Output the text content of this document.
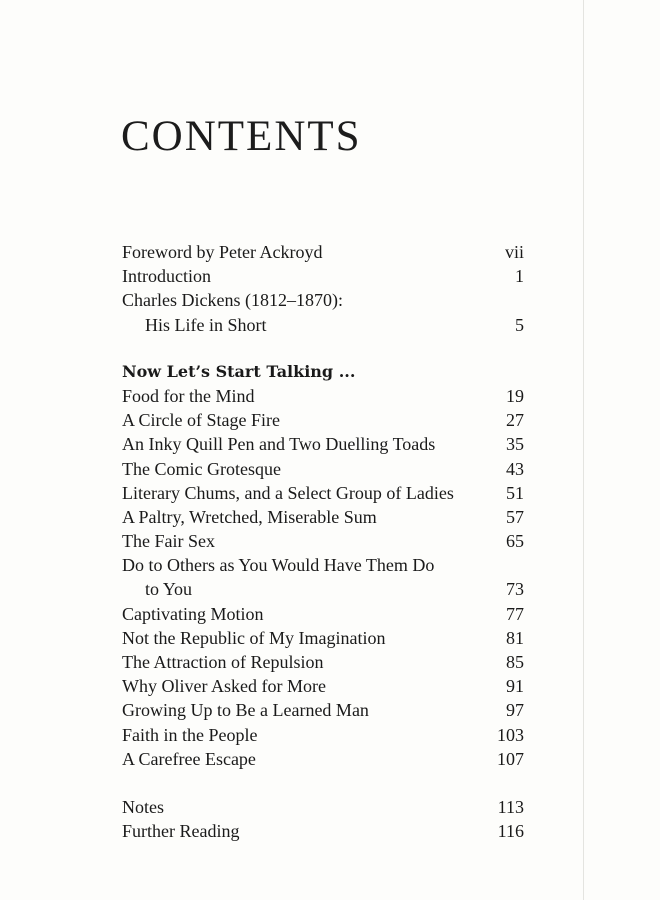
CONTENTS
Foreword by Peter Ackroyd	vii
Introduction	1
Charles Dickens (1812–1870):
His Life in Short	5
Now Let’s Start Talking ...
Food for the Mind	19
A Circle of Stage Fire	27
An Inky Quill Pen and Two Duelling Toads	35
The Comic Grotesque	43
Literary Chums, and a Select Group of Ladies	51
A Paltry, Wretched, Miserable Sum	57
The Fair Sex	65
Do to Others as You Would Have Them Do
to You	73
Captivating Motion	77
Not the Republic of My Imagination	81
The Attraction of Repulsion	85
Why Oliver Asked for More	91
Growing Up to Be a Learned Man	97
Faith in the People	103
A Carefree Escape	107
Notes	113
Further Reading	116
